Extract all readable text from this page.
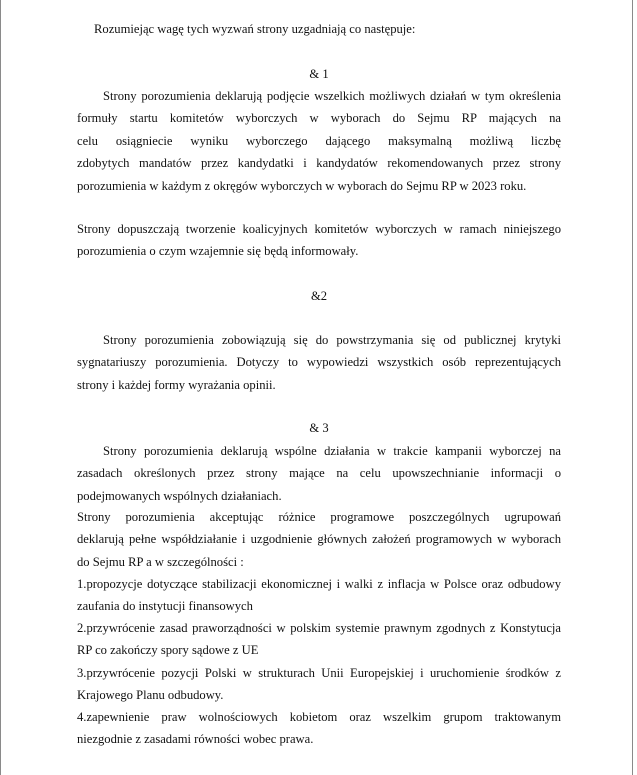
Rozumiejąc wagę tych wyzwań strony uzgadniają co następuje:

& 1

Strony porozumienia deklarują podjęcie wszelkich możliwych działań w tym określenia
formuły startu komitetów wyborczych w wyborach do Sejmu RP mających na
celu osiągniecie wyniku wyborczego dającego maksymalną możliwą liczbę
zdobytych mandatów przez kandydatki i kandydatów rekomendowanych przez strony
porozumienia w każdym z okręgów wyborczych w wyborach do Sejmu RP w 2023 roku.

Strony dopuszczają tworzenie koalicyjnych komitetów wyborczych w ramach niniejszego
porozumienia o czym wzajemnie się będą informowały.

&2

Strony porozumienia zobowiązują się do powstrzymania się od publicznej krytyki
sygnatariuszy porozumienia. Dotyczy to wypowiedzi wszystkich osób reprezentujących
strony i każdej formy wyrażania opinii.

& 3

Strony porozumienia deklarują wspólne działania w trakcie kampanii wyborczej na
zasadach określonych przez strony mające na celu upowszechnianie informacji o
podejmowanych wspólnych działaniach.

Strony porozumienia akceptując różnice programowe poszczególnych ugrupowań
deklarują pełne współdziałanie i uzgodnienie głównych założeń programowych w wyborach
do Sejmu RP a w szczególności :

1.propozycje dotyczące stabilizacji ekonomicznej i walki z inflacja w Polsce oraz odbudowy
zaufania do instytucji finansowych

2.przywrócenie zasad praworządności w polskim systemie prawnym zgodnych z Konstytucja
RP co zakończy spory sądowe z UE

3.przywrócenie pozycji Polski w strukturach Unii Europejskiej i uruchomienie środków z
Krajowego Planu odbudowy.

4.zapewnienie praw wolnościowych kobietom oraz wszelkim grupom traktowanym
niezgodnie z zasadami równości wobec prawa.
